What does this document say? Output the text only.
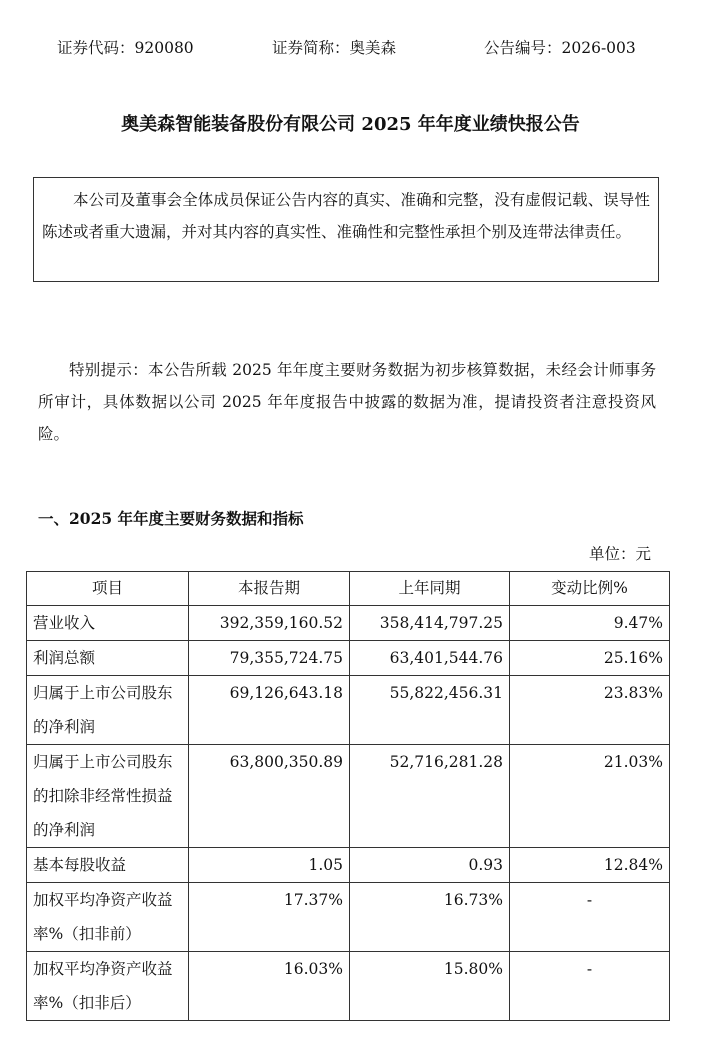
证券代码：920080	证券简称：奥美森	公告编号：2026-003
奥美森智能装备股份有限公司 2025 年年度业绩快报公告
本公司及董事会全体成员保证公告内容的真实、准确和完整，没有虚假记载、误导性陈述或者重大遗漏，并对其内容的真实性、准确性和完整性承担个别及连带法律责任。
特别提示：本公告所载 2025 年年度主要财务数据为初步核算数据，未经会计师事务所审计，具体数据以公司 2025 年年度报告中披露的数据为准，提请投资者注意投资风险。
一、2025 年年度主要财务数据和指标
单位：元
项目	本报告期	上年同期	变动比例%
营业收入	392,359,160.52	358,414,797.25	9.47%
利润总额	79,355,724.75	63,401,544.76	25.16%
归属于上市公司股东的净利润	69,126,643.18	55,822,456.31	23.83%
归属于上市公司股东的扣除非经常性损益的净利润	63,800,350.89	52,716,281.28	21.03%
基本每股收益	1.05	0.93	12.84%
加权平均净资产收益率%（扣非前）	17.37%	16.73%	-
加权平均净资产收益率%（扣非后）	16.03%	15.80%	-
